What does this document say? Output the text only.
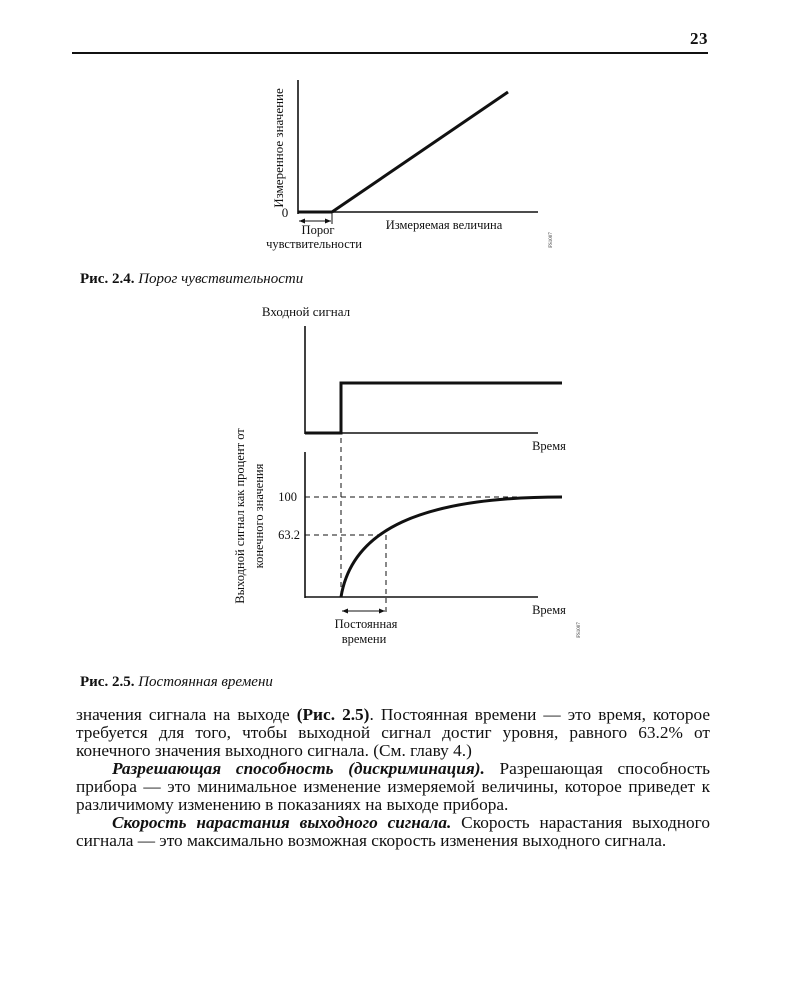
23
Измеренное значение
0
Порог
чувствительности
Измеряемая величина
FS1007
Рис. 2.4. Порог чувствительности
Входной сигнал
Время
100
63.2
Выходной сигнал как процент от конечного значения
Время
Постоянная
времени
FS1007
Рис. 2.5. Постоянная времени

значения сигнала на выходе (Рис. 2.5). Постоянная времени — это время, которое требуется для того, чтобы выходной сигнал достиг уровня, равного 63.2% от конечного значения выходного сигнала. (См. главу 4.)

Разрешающая способность (дискриминация). Разрешающая способность прибора — это минимальное изменение измеряемой величины, которое приведет к различимому изменению в показаниях на выходе прибора.

Скорость нарастания выходного сигнала. Скорость нарастания выходного сигнала — это максимально возможная скорость изменения выходного сигнала.
